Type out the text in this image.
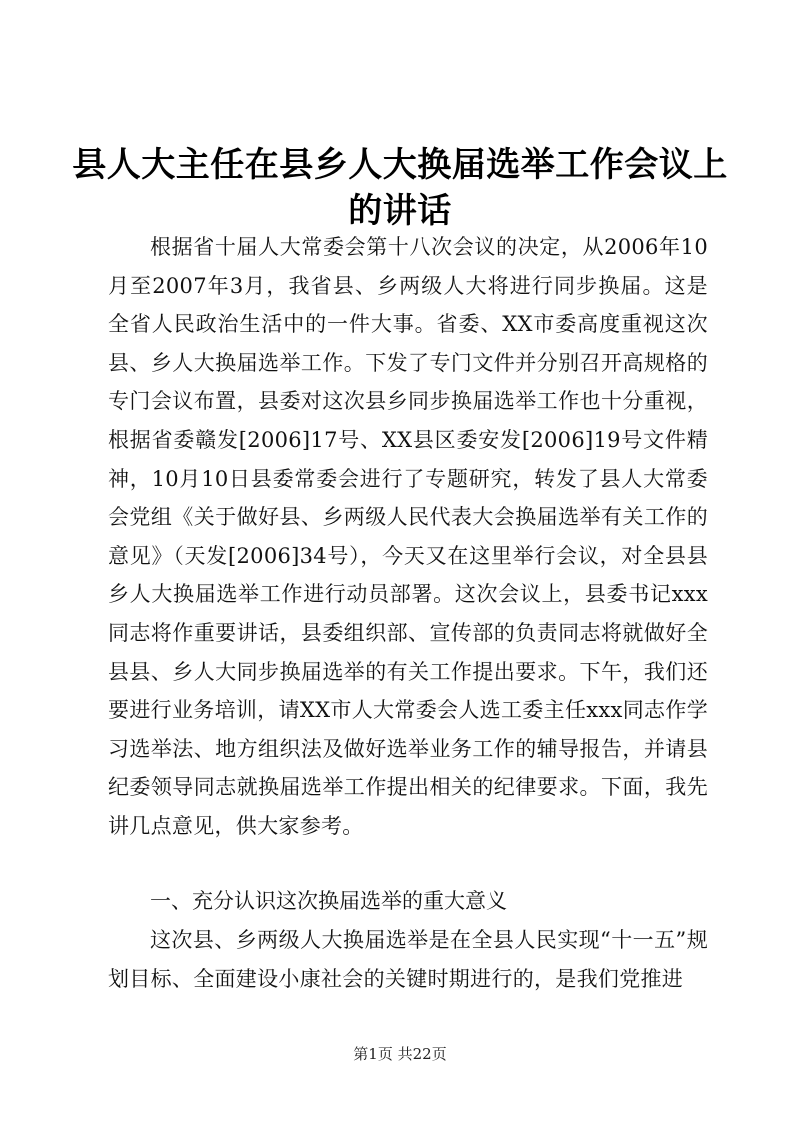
县人大主任在县乡人大换届选举工作会议上的讲话

根据省十届人大常委会第十八次会议的决定，从2006年10月至2007年3月，我省县、乡两级人大将进行同步换届。这是全省人民政治生活中的一件大事。省委、XX市委高度重视这次县、乡人大换届选举工作。下发了专门文件并分别召开高规格的专门会议布置，县委对这次县乡同步换届选举工作也十分重视，根据省委赣发[2006]17号、XX县区委安发[2006]19号文件精神，10月10日县委常委会进行了专题研究，转发了县人大常委会党组《关于做好县、乡两级人民代表大会换届选举有关工作的意见》（天发[2006]34号），今天又在这里举行会议，对全县县乡人大换届选举工作进行动员部署。这次会议上，县委书记xxx同志将作重要讲话，县委组织部、宣传部的负责同志将就做好全县县、乡人大同步换届选举的有关工作提出要求。下午，我们还要进行业务培训，请XX市人大常委会人选工委主任xxx同志作学习选举法、地方组织法及做好选举业务工作的辅导报告，并请县纪委领导同志就换届选举工作提出相关的纪律要求。下面，我先讲几点意见，供大家参考。

一、充分认识这次换届选举的重大意义

这次县、乡两级人大换届选举是在全县人民实现“十一五”规划目标、全面建设小康社会的关键时期进行的，是我们党推进

第1页 共22页
